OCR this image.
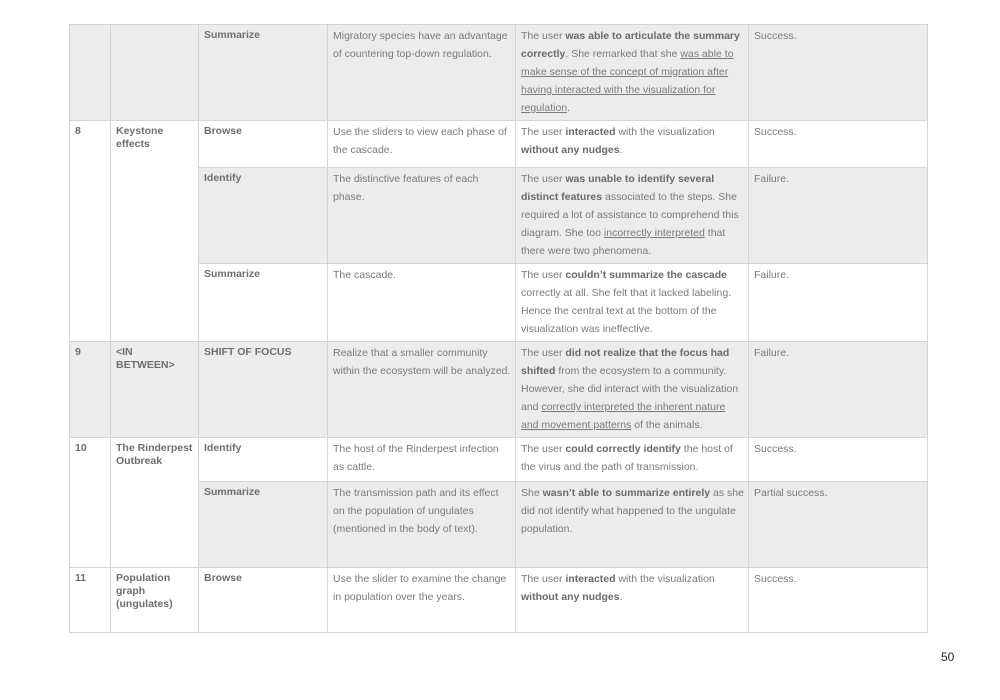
		Summarize	Migratory species have an advantage of countering top-down regulation.	The user was able to articulate the summary correctly. She remarked that she was able to make sense of the concept of migration after having interacted with the visualization for regulation.	Success.
8	Keystone effects	Browse	Use the sliders to view each phase of the cascade.	The user interacted with the visualization without any nudges.	Success.
		Identify	The distinctive features of each phase.	The user was unable to identify several distinct features associated to the steps. She required a lot of assistance to comprehend this diagram. She too incorrectly interpreted that there were two phenomena.	Failure.
		Summarize	The cascade.	The user couldn’t summarize the cascade correctly at all. She felt that it lacked labeling. Hence the central text at the bottom of the visualization was ineffective.	Failure.
9	<IN BETWEEN>	SHIFT OF FOCUS	Realize that a smaller community within the ecosystem will be analyzed.	The user did not realize that the focus had shifted from the ecosystem to a community. However, she did interact with the visualization and correctly interpreted the inherent nature and movement patterns of the animals.	Failure.
10	The Rinderpest Outbreak	Identify	The host of the Rinderpest infection as cattle.	The user could correctly identify the host of the virus and the path of transmission.	Success.
		Summarize	The transmission path and its effect on the population of ungulates (mentioned in the body of text).	She wasn’t able to summarize entirely as she did not identify what happened to the ungulate population.	Partial success.
11	Population graph (ungulates)	Browse	Use the slider to examine the change in population over the years.	The user interacted with the visualization without any nudges.	Success.
50
